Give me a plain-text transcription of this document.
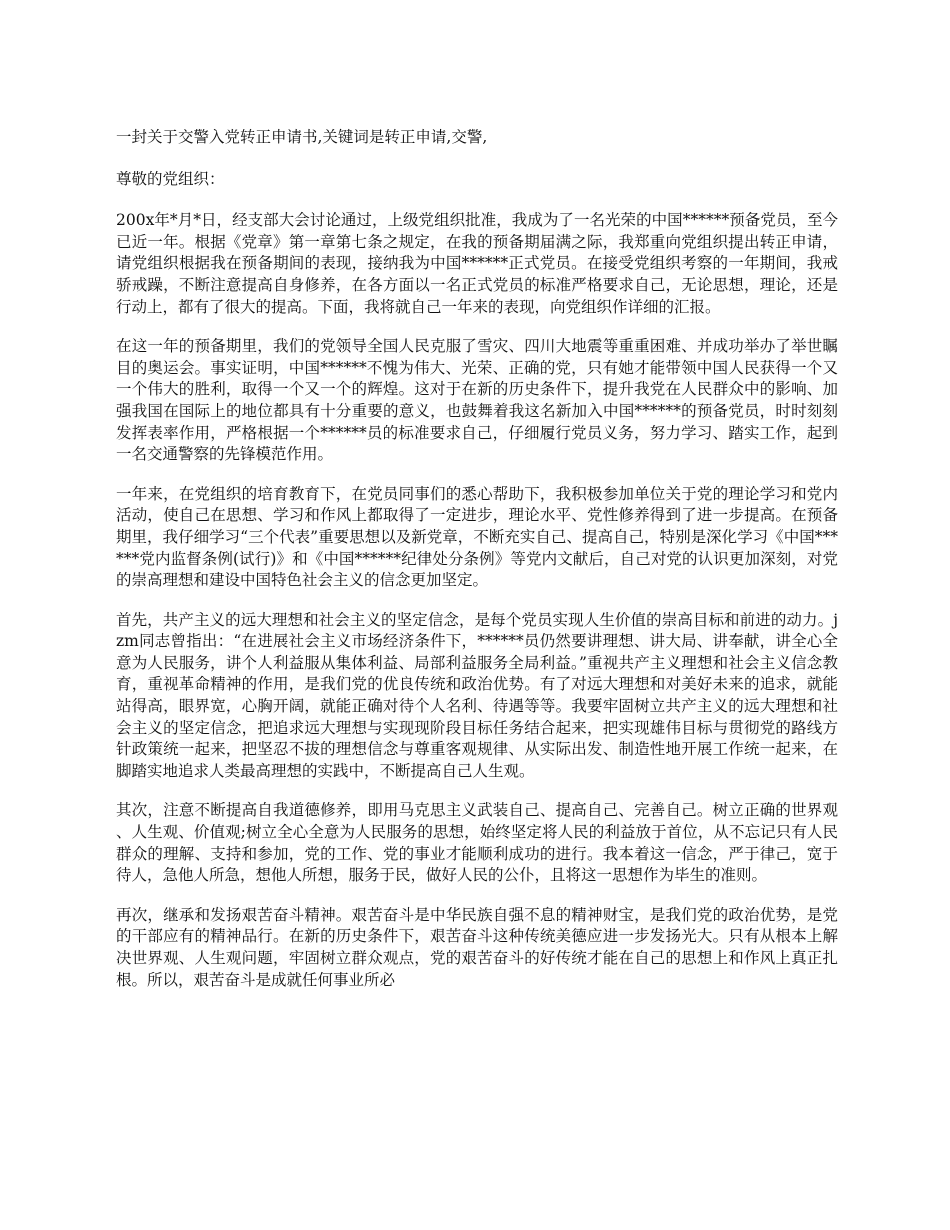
一封关于交警入党转正申请书,关键词是转正申请,交警,

尊敬的党组织：

200x年*月*日，经支部大会讨论通过，上级党组织批准，我成为了一名光荣的中国******预备党员，至今已近一年。根据《党章》第一章第七条之规定，在我的预备期届满之际，我郑重向党组织提出转正申请，请党组织根据我在预备期间的表现，接纳我为中国******正式党员。在接受党组织考察的一年期间，我戒骄戒躁，不断注意提高自身修养，在各方面以一名正式党员的标准严格要求自己，无论思想，理论，还是行动上，都有了很大的提高。下面，我将就自己一年来的表现，向党组织作详细的汇报。

在这一年的预备期里，我们的党领导全国人民克服了雪灾、四川大地震等重重困难、并成功举办了举世瞩目的奥运会。事实证明，中国******不愧为伟大、光荣、正确的党，只有她才能带领中国人民获得一个又一个伟大的胜利，取得一个又一个的辉煌。这对于在新的历史条件下，提升我党在人民群众中的影响、加强我国在国际上的地位都具有十分重要的意义，也鼓舞着我这名新加入中国******的预备党员，时时刻刻发挥表率作用，严格根据一个******员的标准要求自己，仔细履行党员义务，努力学习、踏实工作，起到一名交通警察的先锋模范作用。

一年来，在党组织的培育教育下，在党员同事们的悉心帮助下，我积极参加单位关于党的理论学习和党内活动，使自己在思想、学习和作风上都取得了一定进步，理论水平、党性修养得到了进一步提高。在预备期里，我仔细学习“三个代表”重要思想以及新党章，不断充实自己、提高自己，特别是深化学习《中国******党内监督条例(试行)》和《中国******纪律处分条例》等党内文献后，自己对党的认识更加深刻，对党的崇高理想和建设中国特色社会主义的信念更加坚定。

首先，共产主义的远大理想和社会主义的坚定信念，是每个党员实现人生价值的崇高目标和前进的动力。jzm同志曾指出：“在进展社会主义市场经济条件下，******员仍然要讲理想、讲大局、讲奉献，讲全心全意为人民服务，讲个人利益服从集体利益、局部利益服务全局利益。”重视共产主义理想和社会主义信念教育，重视革命精神的作用，是我们党的优良传统和政治优势。有了对远大理想和对美好未来的追求，就能站得高，眼界宽，心胸开阔，就能正确对待个人名利、待遇等等。我要牢固树立共产主义的远大理想和社会主义的坚定信念，把追求远大理想与实现现阶段目标任务结合起来，把实现雄伟目标与贯彻党的路线方针政策统一起来，把坚忍不拔的理想信念与尊重客观规律、从实际出发、制造性地开展工作统一起来，在脚踏实地追求人类最高理想的实践中，不断提高自己人生观。

其次，注意不断提高自我道德修养，即用马克思主义武装自己、提高自己、完善自己。树立正确的世界观、人生观、价值观;树立全心全意为人民服务的思想，始终坚定将人民的利益放于首位，从不忘记只有人民群众的理解、支持和参加，党的工作、党的事业才能顺利成功的进行。我本着这一信念，严于律己，宽于待人，急他人所急，想他人所想，服务于民，做好人民的公仆，且将这一思想作为毕生的准则。

再次，继承和发扬艰苦奋斗精神。艰苦奋斗是中华民族自强不息的精神财宝，是我们党的政治优势，是党的干部应有的精神品行。在新的历史条件下，艰苦奋斗这种传统美德应进一步发扬光大。只有从根本上解决世界观、人生观问题，牢固树立群众观点，党的艰苦奋斗的好传统才能在自己的思想上和作风上真正扎根。所以，艰苦奋斗是成就任何事业所必
